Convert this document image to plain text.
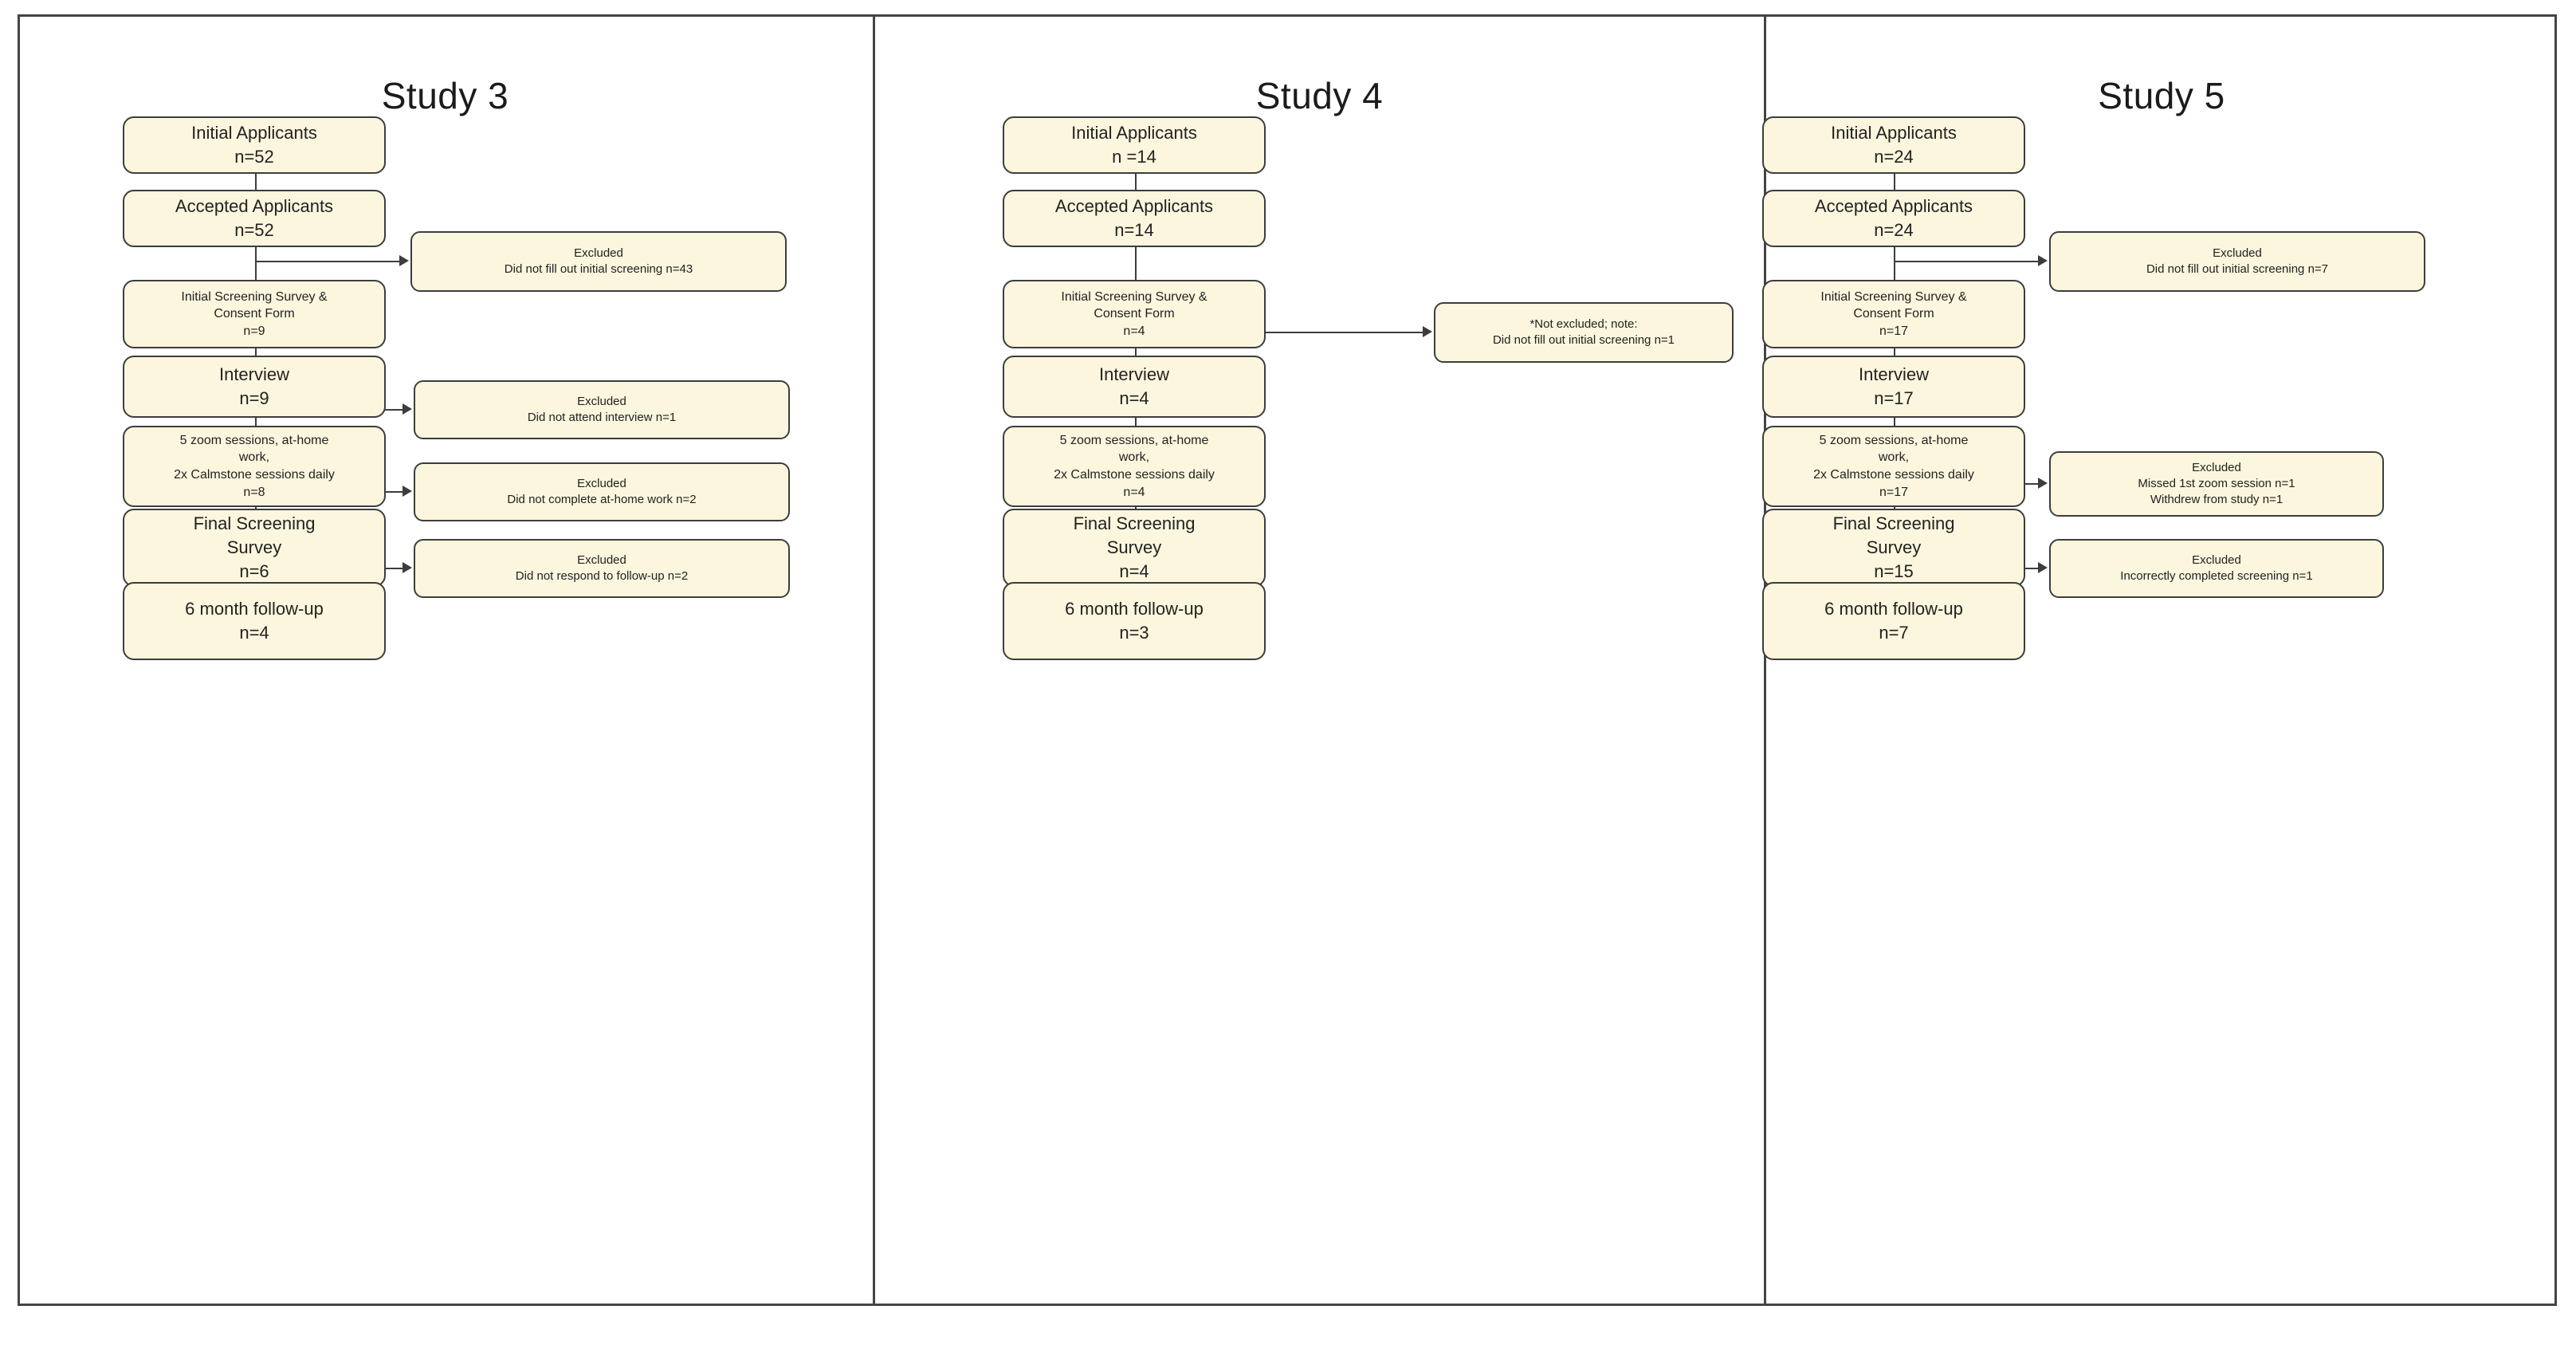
Study 3
Initial Applicants
n=52
Accepted Applicants
n=52
Initial Screening Survey &
Consent Form
n=9
Interview
n=9
5 zoom sessions, at-home
work,
2x Calmstone sessions daily
n=8
Final Screening
Survey
n=6
6 month follow-up
n=4
Excluded
Did not fill out initial screening n=43
Excluded
Did not attend interview n=1
Excluded
Did not complete at-home work n=2
Excluded
Did not respond to follow-up n=2
Study 4
Initial Applicants
n =14
Accepted Applicants
n=14
Initial Screening Survey &
Consent Form
n=4
Interview
n=4
5 zoom sessions, at-home
work,
2x Calmstone sessions daily
n=4
Final Screening
Survey
n=4
6 month follow-up
n=3
*Not excluded; note:
Did not fill out initial screening n=1
Study 5
Initial Applicants
n=24
Accepted Applicants
n=24
Initial Screening Survey &
Consent Form
n=17
Interview
n=17
5 zoom sessions, at-home
work,
2x Calmstone sessions daily
n=17
Final Screening
Survey
n=15
6 month follow-up
n=7
Excluded
Did not fill out initial screening n=7
Excluded
Missed 1st zoom session n=1
Withdrew from study n=1
Excluded
Incorrectly completed screening n=1
